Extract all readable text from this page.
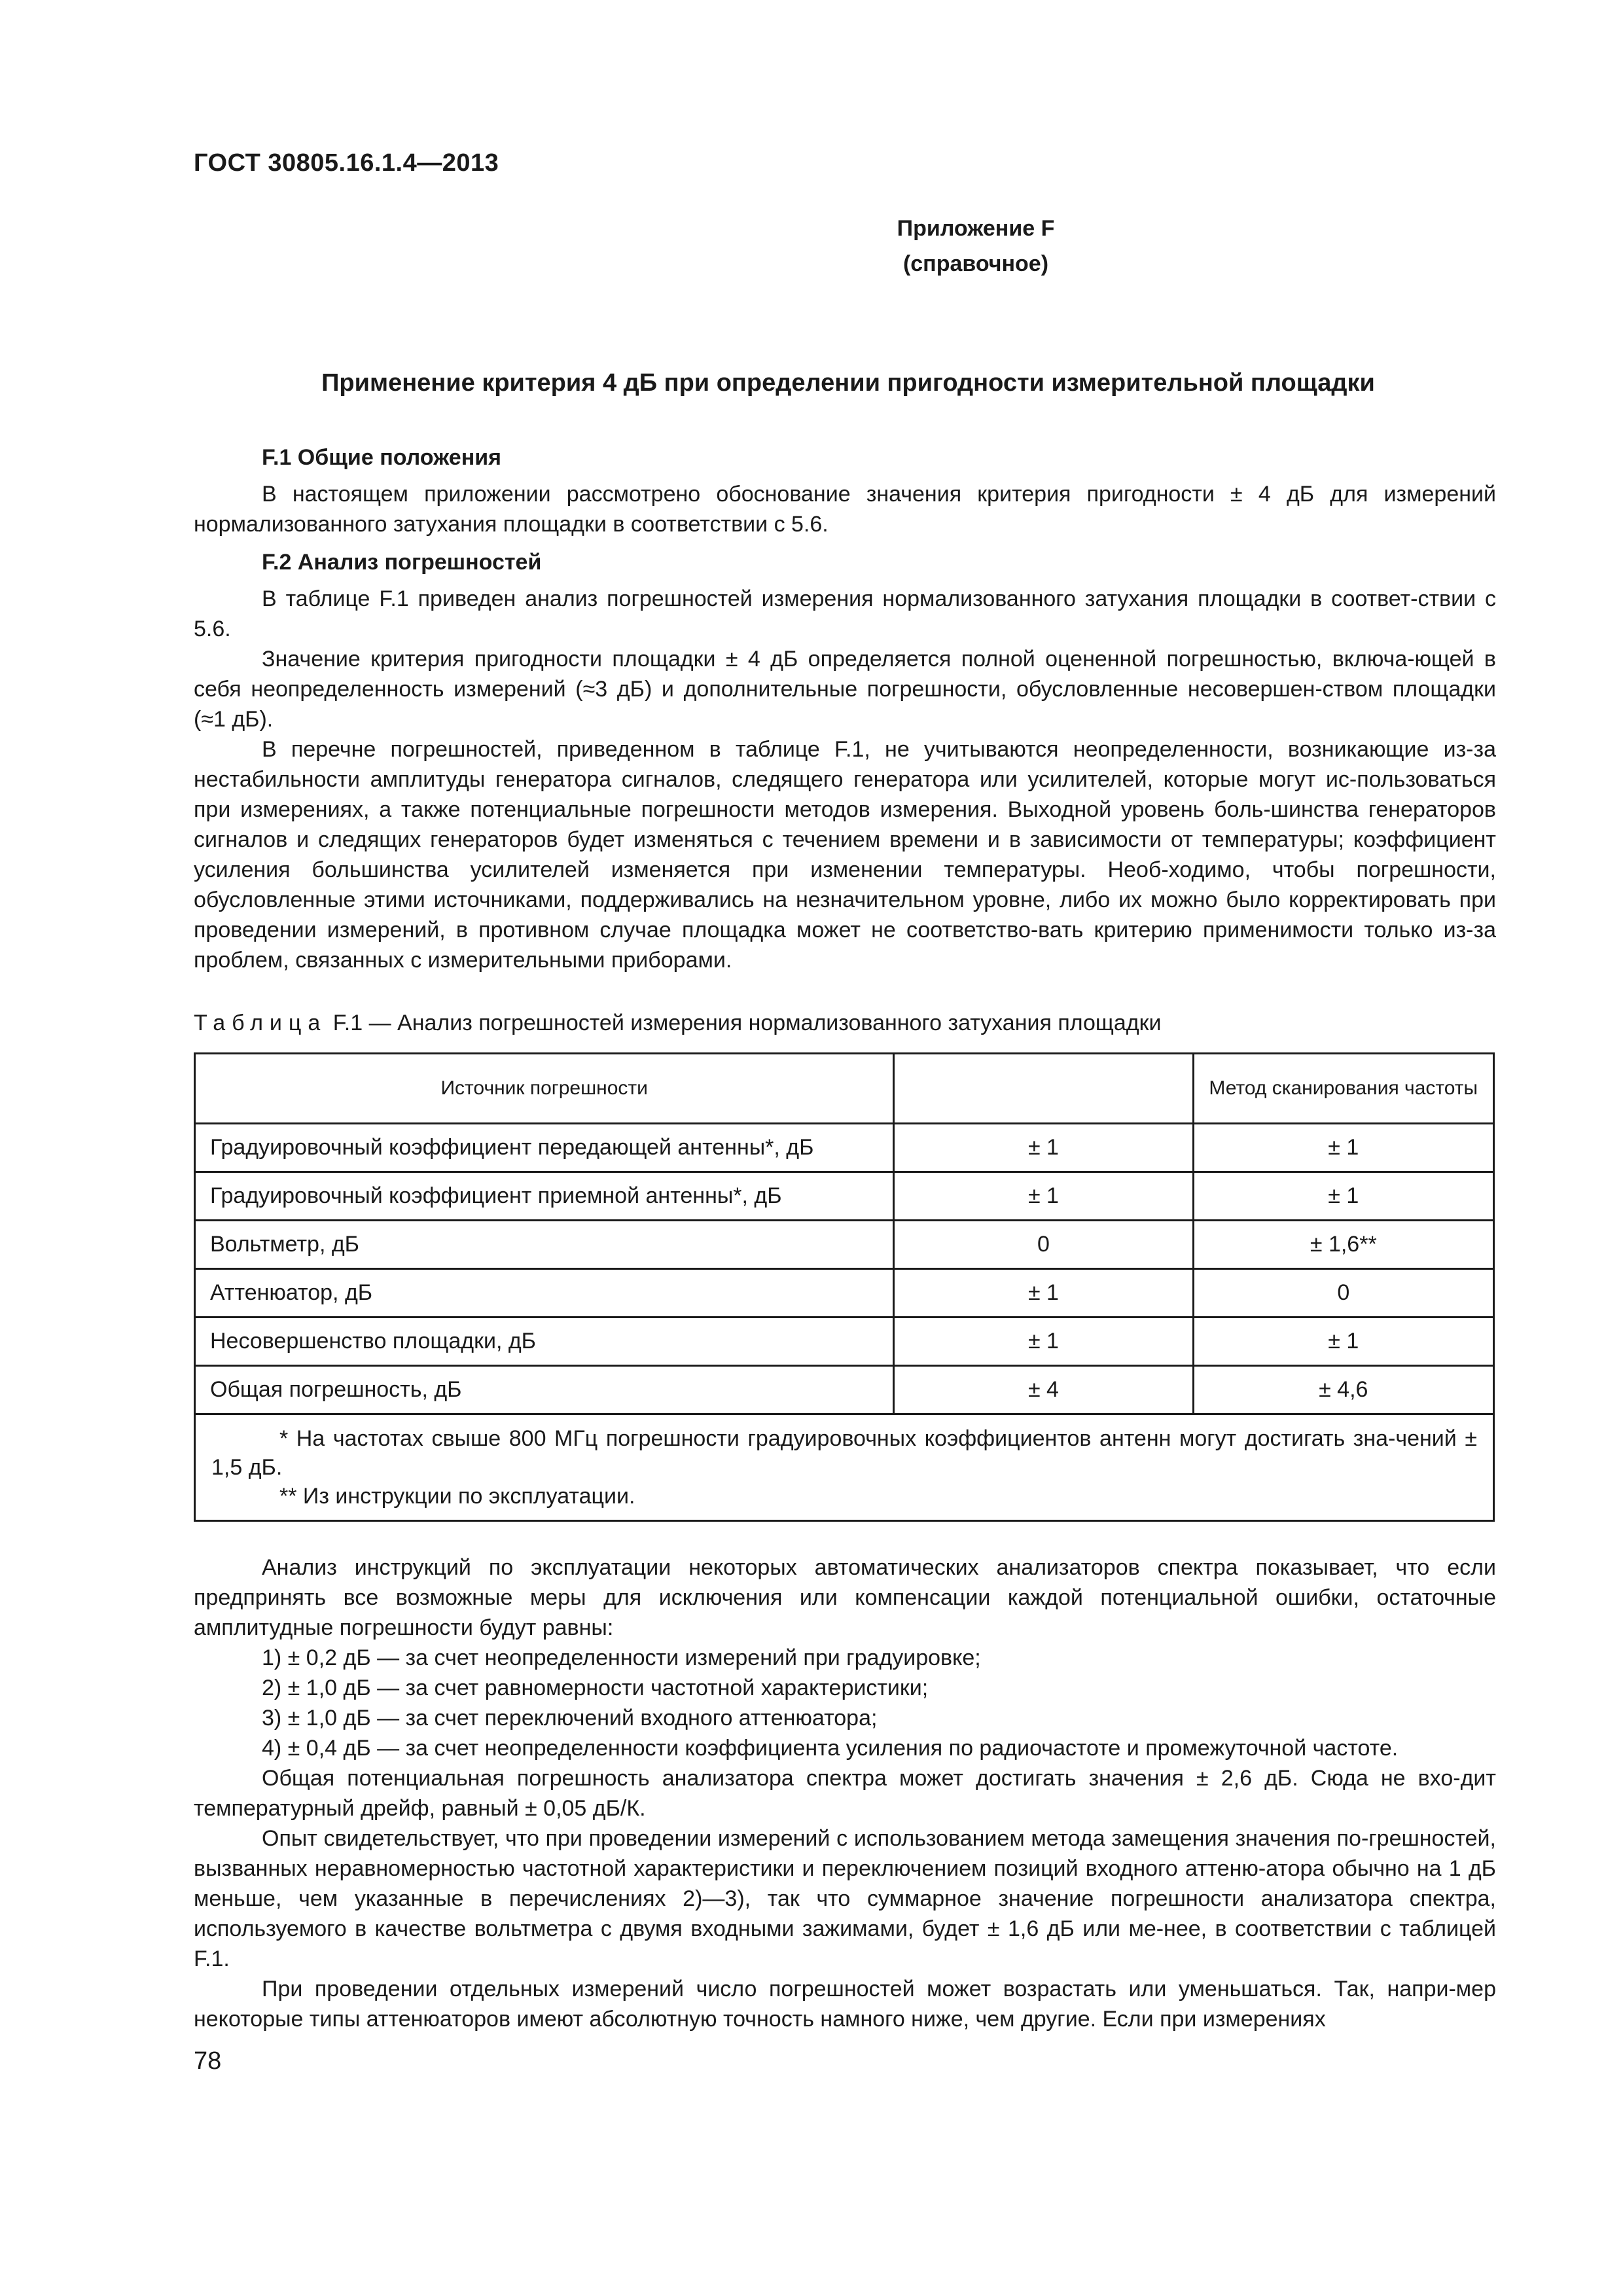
ГОСТ 30805.16.1.4—2013
Приложение F
(справочное)
Применение критерия 4 дБ при определении пригодности измерительной площадки
F.1 Общие положения

В настоящем приложении рассмотрено обоснование значения критерия пригодности ± 4 дБ для измерений нормализованного затухания площадки в соответствии с 5.6.

F.2 Анализ погрешностей

В таблице F.1 приведен анализ погрешностей измерения нормализованного затухания площадки в соответ-ствии с 5.6.

Значение критерия пригодности площадки ± 4 дБ определяется полной оцененной погрешностью, включа-ющей в себя неопределенность измерений (≈3 дБ) и дополнительные погрешности, обусловленные несовершен-ством площадки (≈1 дБ).

В перечне погрешностей, приведенном в таблице F.1, не учитываются неопределенности, возникающие из-за нестабильности амплитуды генератора сигналов, следящего генератора или усилителей, которые могут ис-пользоваться при измерениях, а также потенциальные погрешности методов измерения. Выходной уровень боль-шинства генераторов сигналов и следящих генераторов будет изменяться с течением времени и в зависимости от температуры; коэффициент усиления большинства усилителей изменяется при изменении температуры. Необ-ходимо, чтобы погрешности, обусловленные этими источниками, поддерживались на незначительном уровне, либо их можно было корректировать при проведении измерений, в противном случае площадка может не соответство-вать критерию применимости только из-за проблем, связанных с измерительными приборами.

Таблица F.1 — Анализ погрешностей измерения нормализованного затухания площадки
Источник погрешности		Метод сканирования частоты
Градуировочный коэффициент передающей антенны*, дБ	± 1	± 1
Градуировочный коэффициент приемной антенны*, дБ	± 1	± 1
Вольтметр, дБ	0	± 1,6**
Аттенюатор, дБ	± 1	0
Несовершенство площадки, дБ	± 1	± 1
Общая погрешность, дБ	± 4	± 4,6

* На частотах свыше 800 МГц погрешности градуировочных коэффициентов антенн могут достигать зна-чений ± 1,5 дБ.

** Из инструкции по эксплуатации.		

Анализ инструкций по эксплуатации некоторых автоматических анализаторов спектра показывает, что если предпринять все возможные меры для исключения или компенсации каждой потенциальной ошибки, остаточные амплитудные погрешности будут равны:

1) ± 0,2 дБ — за счет неопределенности измерений при градуировке;

2) ± 1,0 дБ — за счет равномерности частотной характеристики;

3) ± 1,0 дБ — за счет переключений входного аттенюатора;

4) ± 0,4 дБ — за счет неопределенности коэффициента усиления по радиочастоте и промежуточной частоте.

Общая потенциальная погрешность анализатора спектра может достигать значения ± 2,6 дБ. Сюда не вхо-дит температурный дрейф, равный ± 0,05 дБ/К.

Опыт свидетельствует, что при проведении измерений с использованием метода замещения значения по-грешностей, вызванных неравномерностью частотной характеристики и переключением позиций входного аттеню-атора обычно на 1 дБ меньше, чем указанные в перечислениях 2)—3), так что суммарное значение погрешности анализатора спектра, используемого в качестве вольтметра с двумя входными зажимами, будет ± 1,6 дБ или ме-нее, в соответствии с таблицей F.1.

При проведении отдельных измерений число погрешностей может возрастать или уменьшаться. Так, напри-мер некоторые типы аттенюаторов имеют абсолютную точность намного ниже, чем другие. Если при измерениях

78
